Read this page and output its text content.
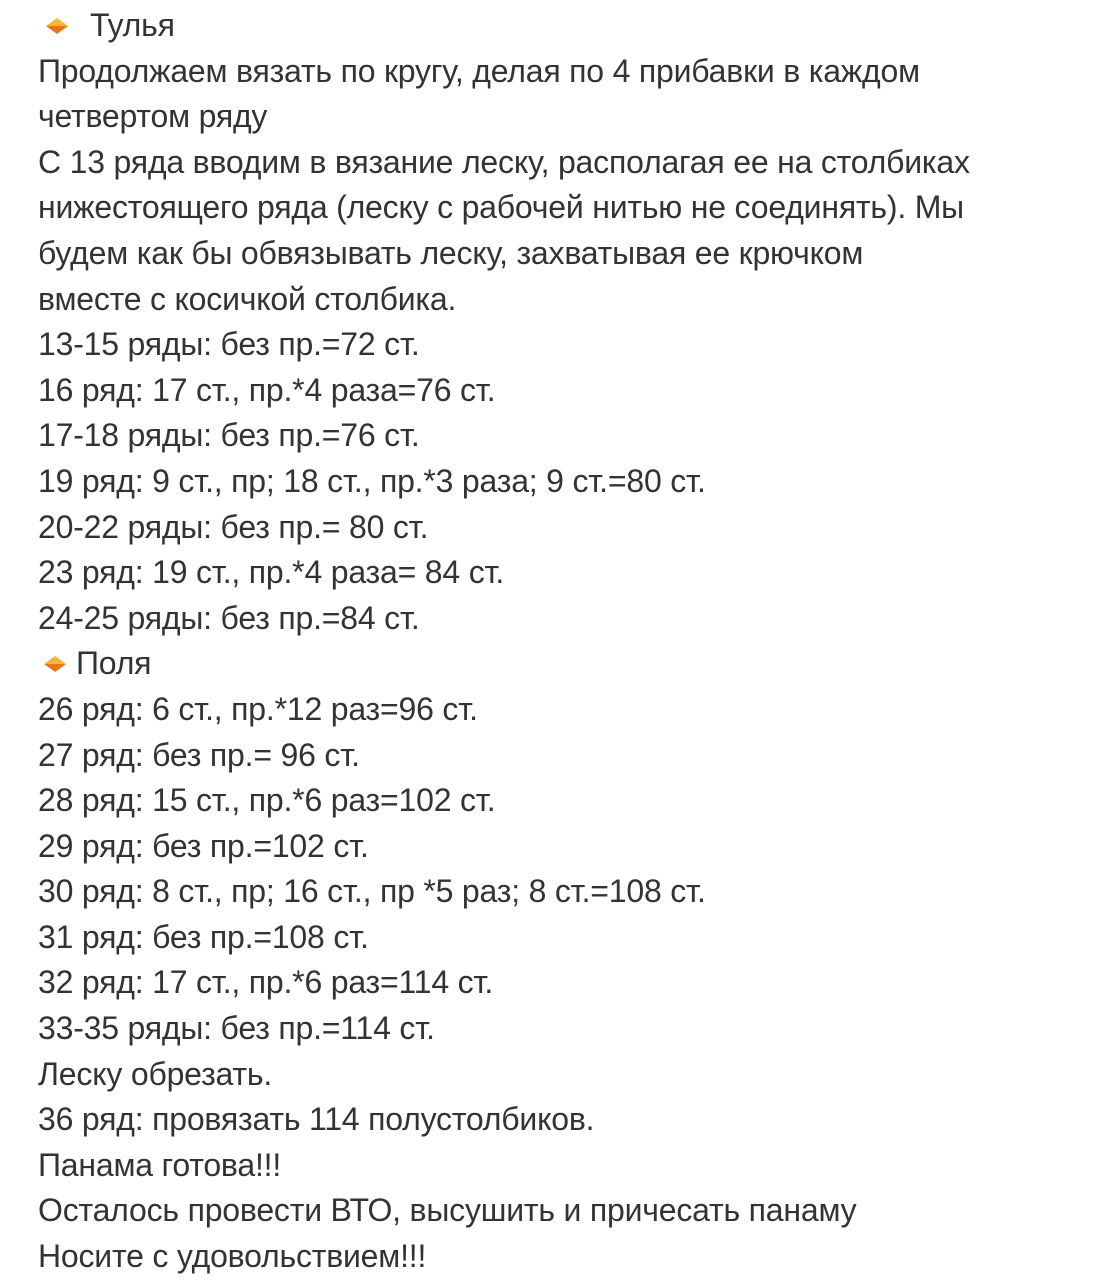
Тулья
Продолжаем вязать по кругу, делая по 4 прибавки в каждом
четвертом ряду
С 13 ряда вводим в вязание леску, располагая ее на столбиках
нижестоящего ряда (леску с рабочей нитью не соединять). Мы
будем как бы обвязывать леску, захватывая ее крючком
вместе с косичкой столбика.
13-15 ряды: без пр.=72 ст.
16 ряд: 17 ст., пр.*4 раза=76 ст.
17-18 ряды: без пр.=76 ст.
19 ряд: 9 ст., пр; 18 ст., пр.*3 раза; 9 ст.=80 ст.
20-22 ряды: без пр.= 80 ст.
23 ряд: 19 ст., пр.*4 раза= 84 ст.
24-25 ряды: без пр.=84 ст.
Поля
26 ряд: 6 ст., пр.*12 раз=96 ст.
27 ряд: без пр.= 96 ст.
28 ряд: 15 ст., пр.*6 раз=102 ст.
29 ряд: без пр.=102 ст.
30 ряд: 8 ст., пр; 16 ст., пр *5 раз; 8 ст.=108 ст.
31 ряд: без пр.=108 ст.
32 ряд: 17 ст., пр.*6 раз=114 ст.
33-35 ряды: без пр.=114 ст.
Леску обрезать.
36 ряд: провязать 114 полустолбиков.
Панама готова!!!
Осталось провести ВТО, высушить и причесать панаму
Носите с удовольствием!!!
